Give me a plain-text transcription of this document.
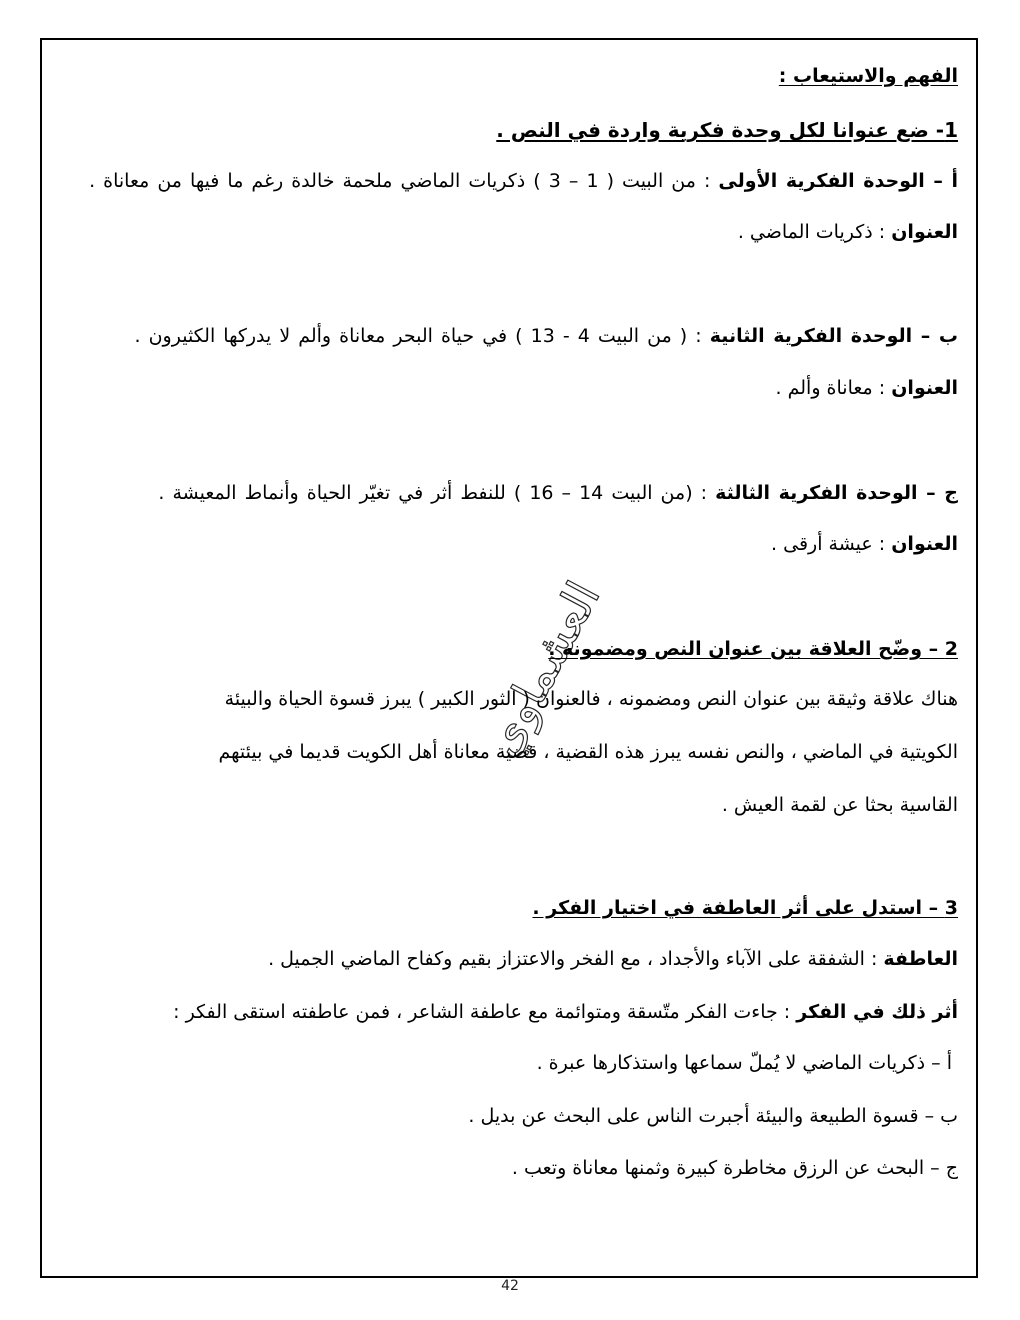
الفهم والاستيعاب :
1- ضع عنوانا لكل وحدة فكرية واردة في النص .
أ – الوحدة الفكرية الأولى : من البيت ( 1 – 3 ) ذكريات الماضي ملحمة خالدة رغم ما فيها من معاناة .
العنوان : ذكريات الماضي .
ب – الوحدة الفكرية الثانية : ( من البيت 4 - 13 ) في حياة البحر معاناة وألم لا يدركها الكثيرون .
العنوان : معاناة وألم .
ج – الوحدة الفكرية الثالثة : (من البيت 14 – 16 ) للنفط أثر في تغيّر الحياة وأنماط المعيشة .
العنوان : عيشة أرقى .
2 – وضّح العلاقة بين عنوان النص ومضمونه .
هناك علاقة وثيقة بين عنوان النص ومضمونه ، فالعنوان ( الثور الكبير ) يبرز قسوة الحياة والبيئة
الكويتية في الماضي ، والنص نفسه يبرز هذه القضية ، قضية معاناة أهل الكويت قديما في بيئتهم
القاسية بحثا عن لقمة العيش .
3 – استدل على أثر العاطفة في اختيار الفكر .
العاطفة : الشفقة على الآباء والأجداد ، مع الفخر والاعتزاز بقيم وكفاح الماضي الجميل .
أثر ذلك في الفكر : جاءت الفكر متّسقة ومتوائمة مع عاطفة الشاعر ، فمن عاطفته استقى الفكر :
أ – ذكريات الماضي لا يُملّ سماعها واستذكارها عبرة .
ب – قسوة الطبيعة والبيئة أجبرت الناس على البحث عن بديل .
ج – البحث عن الرزق مخاطرة كبيرة وثمنها معاناة وتعب .
العشماوي
42
